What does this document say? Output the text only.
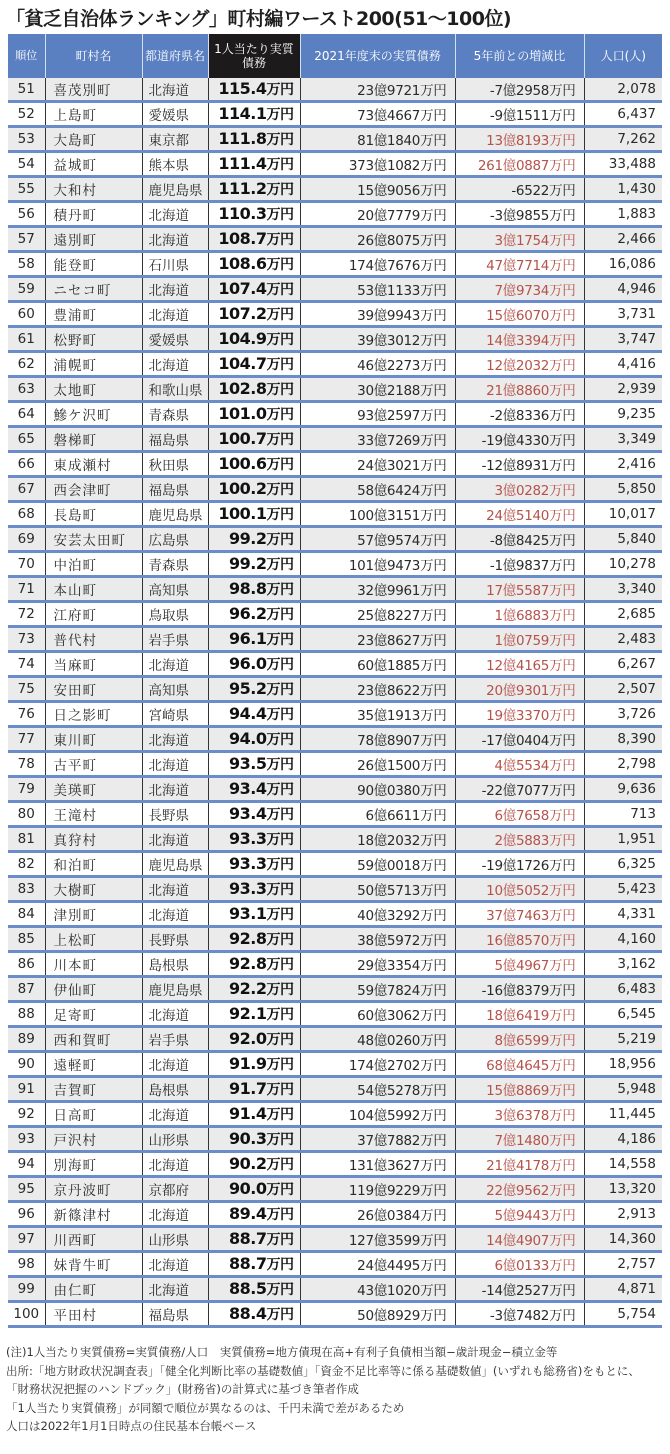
「貧乏自治体ランキング」町村編ワースト200(51〜100位)
順位	町村名	都道府県名	1人当たり実質債務	2021年度末の実質債務	5年前との増減比	人口(人)
51	喜茂別町	北海道	115.4万円	23億9721万円	-7億2958万円	2,078
52	上島町	愛媛県	114.1万円	73億4667万円	-9億1511万円	6,437
53	大島町	東京都	111.8万円	81億1840万円	13億8193万円	7,262
54	益城町	熊本県	111.4万円	373億1082万円	261億0887万円	33,488
55	大和村	鹿児島県	111.2万円	15億9056万円	-6522万円	1,430
56	積丹町	北海道	110.3万円	20億7779万円	-3億9855万円	1,883
57	遠別町	北海道	108.7万円	26億8075万円	3億1754万円	2,466
58	能登町	石川県	108.6万円	174億7676万円	47億7714万円	16,086
59	ニセコ町	北海道	107.4万円	53億1133万円	7億9734万円	4,946
60	豊浦町	北海道	107.2万円	39億9943万円	15億6070万円	3,731
61	松野町	愛媛県	104.9万円	39億3012万円	14億3394万円	3,747
62	浦幌町	北海道	104.7万円	46億2273万円	12億2032万円	4,416
63	太地町	和歌山県	102.8万円	30億2188万円	21億8860万円	2,939
64	鰺ケ沢町	青森県	101.0万円	93億2597万円	-2億8336万円	9,235
65	磐梯町	福島県	100.7万円	33億7269万円	-19億4330万円	3,349
66	東成瀬村	秋田県	100.6万円	24億3021万円	-12億8931万円	2,416
67	西会津町	福島県	100.2万円	58億6424万円	3億0282万円	5,850
68	長島町	鹿児島県	100.1万円	100億3151万円	24億5140万円	10,017
69	安芸太田町	広島県	99.2万円	57億9574万円	-8億8425万円	5,840
70	中泊町	青森県	99.2万円	101億9473万円	-1億9837万円	10,278
71	本山町	高知県	98.8万円	32億9961万円	17億5587万円	3,340
72	江府町	鳥取県	96.2万円	25億8227万円	1億6883万円	2,685
73	普代村	岩手県	96.1万円	23億8627万円	1億0759万円	2,483
74	当麻町	北海道	96.0万円	60億1885万円	12億4165万円	6,267
75	安田町	高知県	95.2万円	23億8622万円	20億9301万円	2,507
76	日之影町	宮崎県	94.4万円	35億1913万円	19億3370万円	3,726
77	東川町	北海道	94.0万円	78億8907万円	-17億0404万円	8,390
78	古平町	北海道	93.5万円	26億1500万円	4億5534万円	2,798
79	美瑛町	北海道	93.4万円	90億0380万円	-22億7077万円	9,636
80	王滝村	長野県	93.4万円	6億6611万円	6億7658万円	713
81	真狩村	北海道	93.3万円	18億2032万円	2億5883万円	1,951
82	和泊町	鹿児島県	93.3万円	59億0018万円	-19億1726万円	6,325
83	大樹町	北海道	93.3万円	50億5713万円	10億5052万円	5,423
84	津別町	北海道	93.1万円	40億3292万円	37億7463万円	4,331
85	上松町	長野県	92.8万円	38億5972万円	16億8570万円	4,160
86	川本町	島根県	92.8万円	29億3354万円	5億4967万円	3,162
87	伊仙町	鹿児島県	92.2万円	59億7824万円	-16億8379万円	6,483
88	足寄町	北海道	92.1万円	60億3062万円	18億6419万円	6,545
89	西和賀町	岩手県	92.0万円	48億0260万円	8億6599万円	5,219
90	遠軽町	北海道	91.9万円	174億2702万円	68億4645万円	18,956
91	吉賀町	島根県	91.7万円	54億5278万円	15億8869万円	5,948
92	日高町	北海道	91.4万円	104億5992万円	3億6378万円	11,445
93	戸沢村	山形県	90.3万円	37億7882万円	7億1480万円	4,186
94	別海町	北海道	90.2万円	131億3627万円	21億4178万円	14,558
95	京丹波町	京都府	90.0万円	119億9229万円	22億9562万円	13,320
96	新篠津村	北海道	89.4万円	26億0384万円	5億9443万円	2,913
97	川西町	山形県	88.7万円	127億3599万円	14億4907万円	14,360
98	妹背牛町	北海道	88.7万円	24億4495万円	6億0133万円	2,757
99	由仁町	北海道	88.5万円	43億1020万円	-14億2527万円	4,871
100	平田村	福島県	88.4万円	50億8929万円	-3億7482万円	5,754
(注)1人当たり実質債務=実質債務/人口　実質債務=地方債現在高+有利子負債相当額−歳計現金−積立金等
出所:「地方財政状況調査表」「健全化判断比率の基礎数値」「資金不足比率等に係る基礎数値」(いずれも総務省)をもとに、
「財務状況把握のハンドブック」(財務省)の計算式に基づき筆者作成
「1人当たり実質債務」が同額で順位が異なるのは、千円未満で差があるため
人口は2022年1月1日時点の住民基本台帳ベース
